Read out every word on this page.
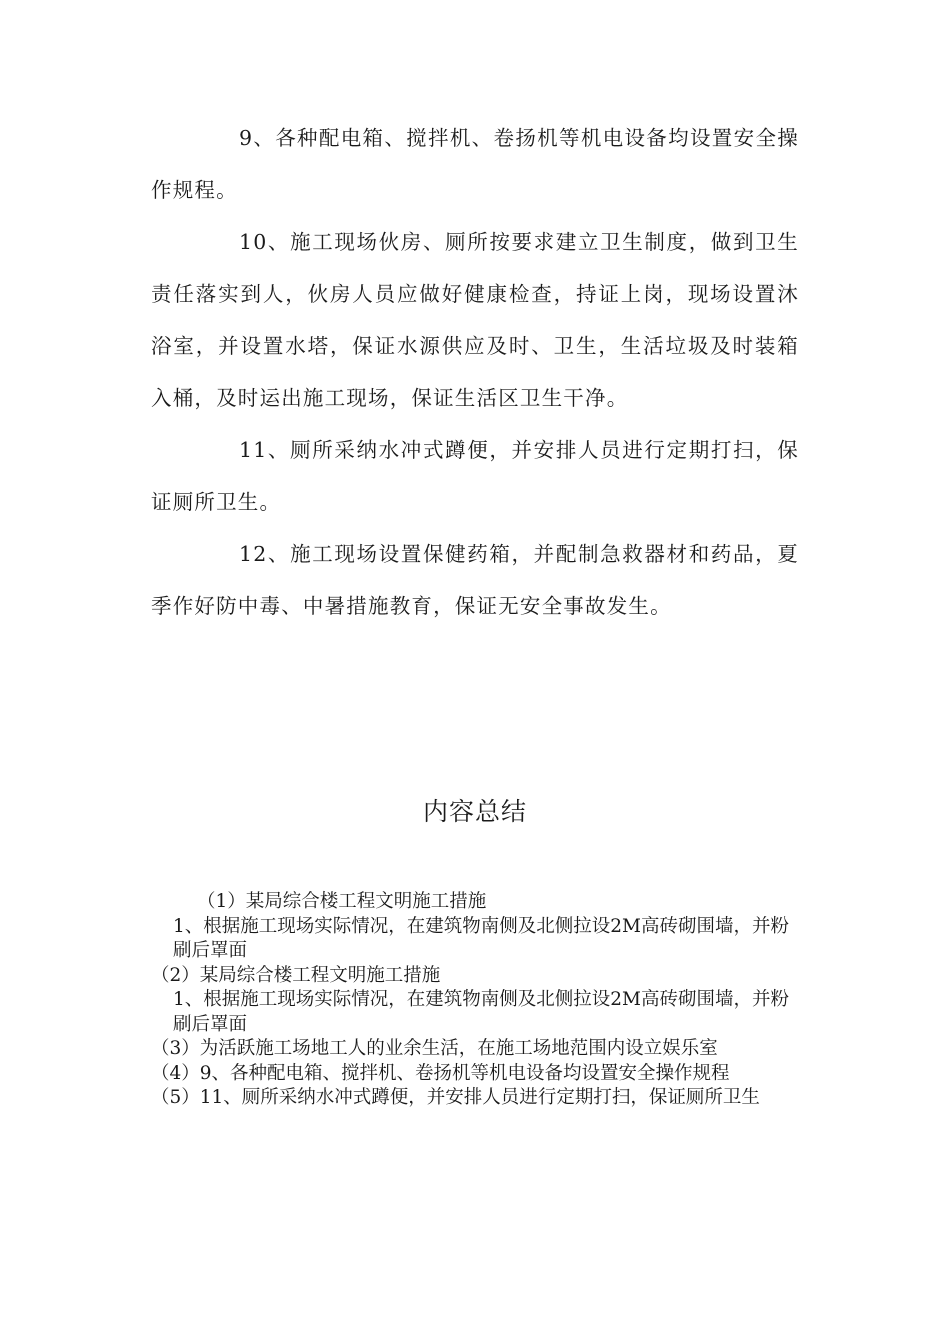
9、各种配电箱、搅拌机、卷扬机等机电设备均设置安全操作规程。

10、施工现场伙房、厕所按要求建立卫生制度，做到卫生责任落实到人，伙房人员应做好健康检查，持证上岗，现场设置沐浴室，并设置水塔，保证水源供应及时、卫生，生活垃圾及时装箱入桶，及时运出施工现场，保证生活区卫生干净。

11、厕所采纳水冲式蹲便，并安排人员进行定期打扫，保证厕所卫生。

12、施工现场设置保健药箱，并配制急救器材和药品，夏季作好防中毒、中暑措施教育，保证无安全事故发生。

内容总结

（1）某局综合楼工程文明施工措施

1、根据施工现场实际情况，在建筑物南侧及北侧拉设2M高砖砌围墙，并粉刷后罩面

（2）某局综合楼工程文明施工措施

1、根据施工现场实际情况，在建筑物南侧及北侧拉设2M高砖砌围墙，并粉刷后罩面

（3）为活跃施工场地工人的业余生活，在施工场地范围内设立娱乐室

（4）9、各种配电箱、搅拌机、卷扬机等机电设备均设置安全操作规程

（5）11、厕所采纳水冲式蹲便，并安排人员进行定期打扫，保证厕所卫生
